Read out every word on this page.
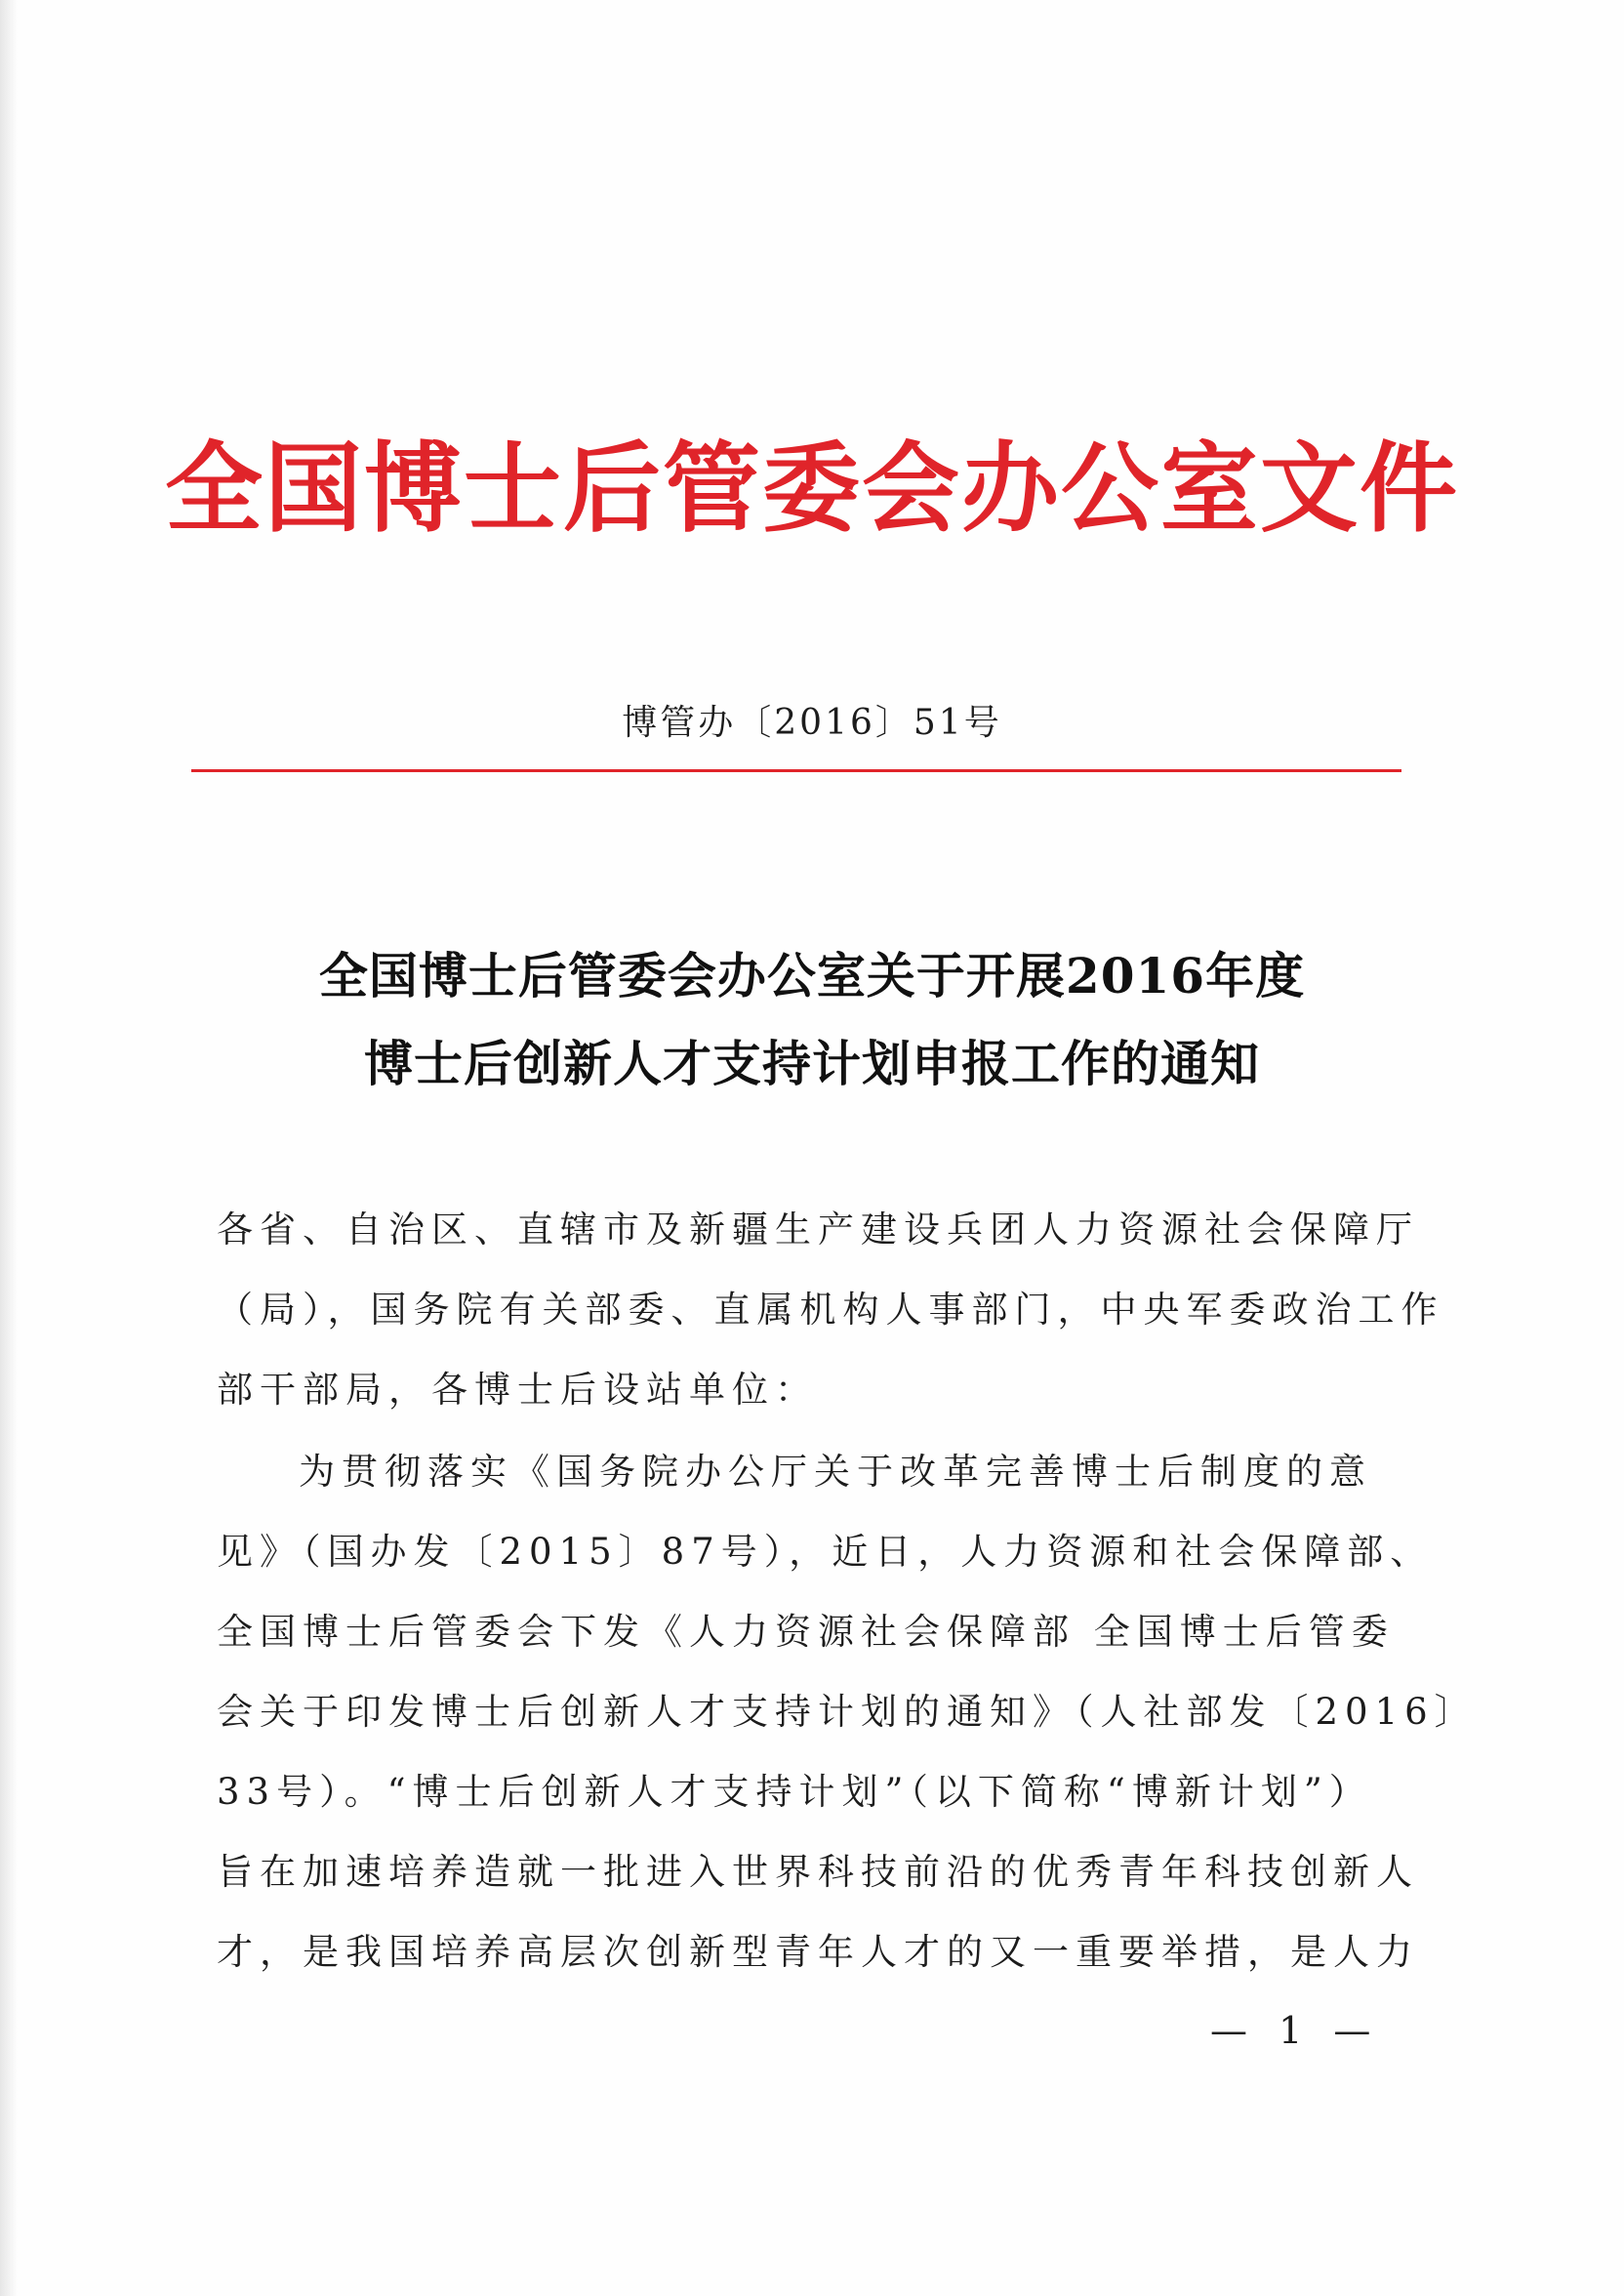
全国博士后管委会办公室文件
博管办〔2016〕51号
全国博士后管委会办公室关于开展2016年度
博士后创新人才支持计划申报工作的通知
各省、自治区、直辖市及新疆生产建设兵团人力资源社会保障厅
（局），国务院有关部委、直属机构人事部门，中央军委政治工作
部干部局，各博士后设站单位：
为贯彻落实《国务院办公厅关于改革完善博士后制度的意
见》（国办发〔2015〕87号），近日，人力资源和社会保障部、
全国博士后管委会下发《人力资源社会保障部 全国博士后管委
会关于印发博士后创新人才支持计划的通知》（人社部发〔2016〕
33号）。“博士后创新人才支持计划”（以下简称“博新计划”）
旨在加速培养造就一批进入世界科技前沿的优秀青年科技创新人
才，是我国培养高层次创新型青年人才的又一重要举措，是人力
— 1 —
